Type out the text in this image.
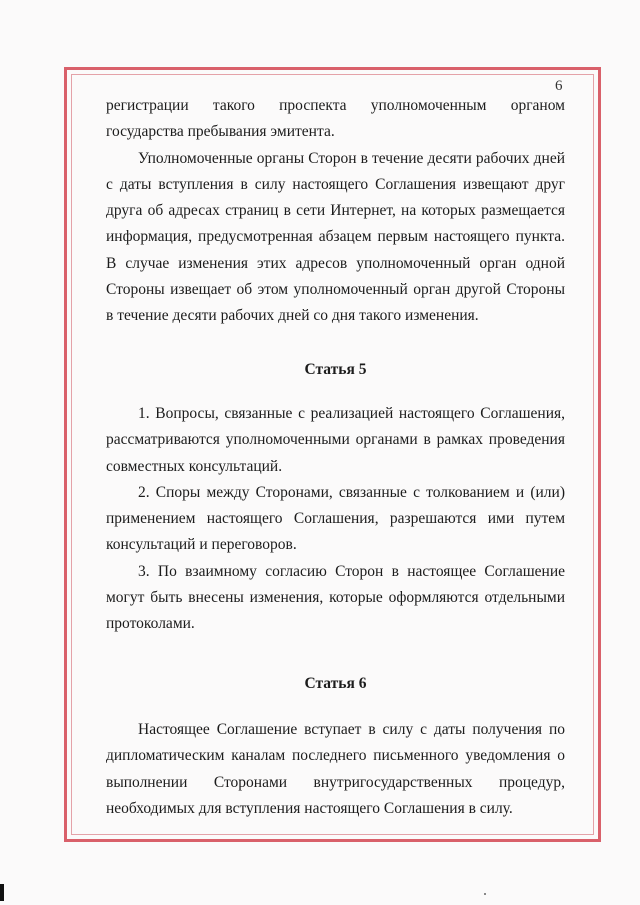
6

регистрации такого проспекта уполномоченным органом государства пребывания эмитента.

Уполномоченные органы Сторон в течение десяти рабочих дней с даты вступления в силу настоящего Соглашения извещают друг друга об адресах страниц в сети Интернет, на которых размещается информация, предусмотренная абзацем первым настоящего пункта. В случае изменения этих адресов уполномоченный орган одной Стороны извещает об этом уполномоченный орган другой Стороны в течение десяти рабочих дней со дня такого изменения.

Статья 5

1. Вопросы, связанные с реализацией настоящего Соглашения, рассматриваются уполномоченными органами в рамках проведения совместных консультаций.

2. Споры между Сторонами, связанные с толкованием и (или) применением настоящего Соглашения, разрешаются ими путем консультаций и переговоров.

3. По взаимному согласию Сторон в настоящее Соглашение могут быть внесены изменения, которые оформляются отдельными протоколами.

Статья 6

Настоящее Соглашение вступает в силу с даты получения по дипломатическим каналам последнего письменного уведомления о выполнении Сторонами внутригосударственных процедур, необходимых для вступления настоящего Соглашения в силу.
